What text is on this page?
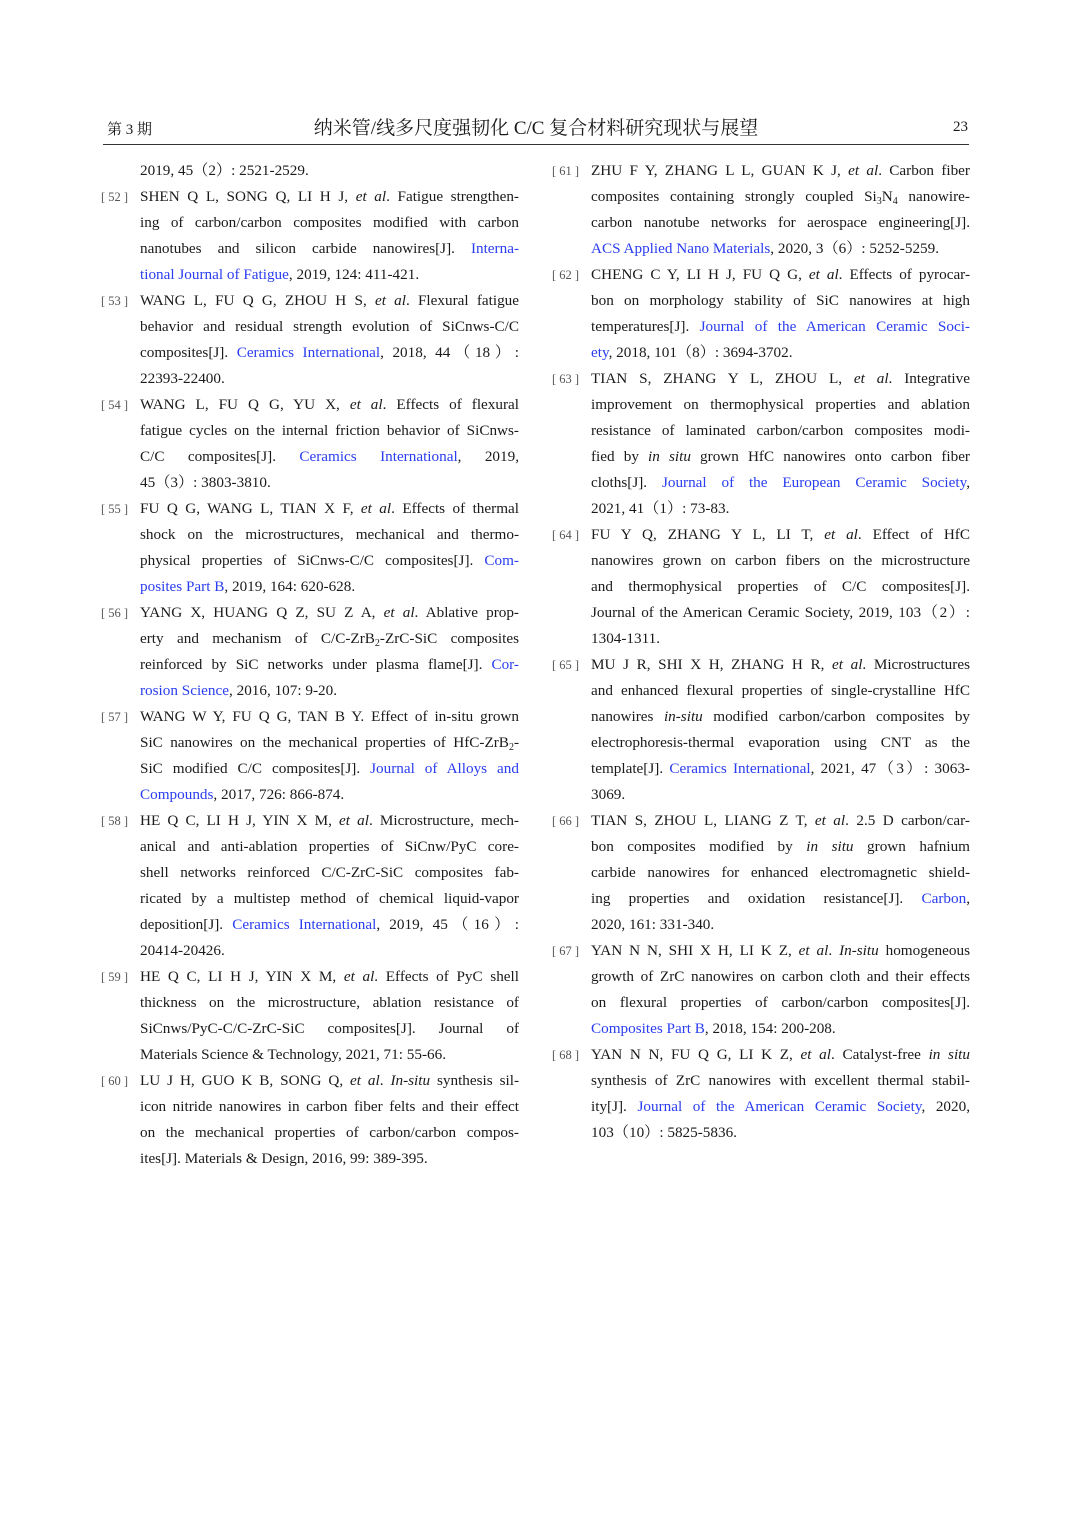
第 3 期	纳米管/线多尺度强韧化 C/C 复合材料研究现状与展望	23
2019, 45（2）: 2521-2529.
[ 52 ] SHEN Q L, SONG Q, LI H J, et al. Fatigue strengthen-
ing of carbon/carbon composites modified with carbon
nanotubes and silicon carbide nanowires[J]. Interna-
tional Journal of Fatigue, 2019, 124: 411-421.
[ 53 ] WANG L, FU Q G, ZHOU H S, et al. Flexural fatigue
behavior and residual strength evolution of SiCnws-C/C
composites[J]. Ceramics International, 2018, 44（18）:
22393-22400.
[ 54 ] WANG L, FU Q G, YU X, et al. Effects of flexural
fatigue cycles on the internal friction behavior of SiCnws-
C/C composites[J]. Ceramics International, 2019,
45（3）: 3803-3810.
[ 55 ] FU Q G, WANG L, TIAN X F, et al. Effects of thermal
shock on the microstructures, mechanical and thermo-
physical properties of SiCnws-C/C composites[J]. Com-
posites Part B, 2019, 164: 620-628.
[ 56 ] YANG X, HUANG Q Z, SU Z A, et al. Ablative prop-
erty and mechanism of C/C-ZrB$_2$-ZrC-SiC composites
reinforced by SiC networks under plasma flame[J]. Cor-
rosion Science, 2016, 107: 9-20.
[ 57 ] WANG W Y, FU Q G, TAN B Y. Effect of in-situ grown
SiC nanowires on the mechanical properties of HfC-ZrB$_2$-
SiC modified C/C composites[J]. Journal of Alloys and
Compounds, 2017, 726: 866-874.
[ 58 ] HE Q C, LI H J, YIN X M, et al. Microstructure, mech-
anical and anti-ablation properties of SiCnw/PyC core-
shell networks reinforced C/C-ZrC-SiC composites fab-
ricated by a multistep method of chemical liquid-vapor
deposition[J]. Ceramics International, 2019, 45（16）:
20414-20426.
[ 59 ] HE Q C, LI H J, YIN X M, et al. Effects of PyC shell
thickness on the microstructure, ablation resistance of
SiCnws/PyC-C/C-ZrC-SiC composites[J]. Journal of
Materials Science & Technology, 2021, 71: 55-66.
[ 60 ] LU J H, GUO K B, SONG Q, et al. In-situ synthesis sil-
icon nitride nanowires in carbon fiber felts and their effect
on the mechanical properties of carbon/carbon compos-
ites[J]. Materials & Design, 2016, 99: 389-395.
[ 61 ] ZHU F Y, ZHANG L L, GUAN K J, et al. Carbon fiber
composites containing strongly coupled $Si_3N_4$ nanowire-
carbon nanotube networks for aerospace engineering[J].
ACS Applied Nano Materials, 2020, 3（6）: 5252-5259.
[ 62 ] CHENG C Y, LI H J, FU Q G, et al. Effects of pyrocar-
bon on morphology stability of SiC nanowires at high
temperatures[J]. Journal of the American Ceramic Soci-
ety, 2018, 101（8）: 3694-3702.
[ 63 ] TIAN S, ZHANG Y L, ZHOU L, et al. Integrative
improvement on thermophysical properties and ablation
resistance of laminated carbon/carbon composites modi-
fied by in situ grown HfC nanowires onto carbon fiber
cloths[J]. Journal of the European Ceramic Society,
2021, 41（1）: 73-83.
[ 64 ] FU Y Q, ZHANG Y L, LI T, et al. Effect of HfC
nanowires grown on carbon fibers on the microstructure
and thermophysical properties of C/C composites[J].
Journal of the American Ceramic Society, 2019, 103（2）:
1304-1311.
[ 65 ] MU J R, SHI X H, ZHANG H R, et al. Microstructures
and enhanced flexural properties of single-crystalline HfC
nanowires in-situ modified carbon/carbon composites by
electrophoresis-thermal evaporation using CNT as the
template[J]. Ceramics International, 2021, 47（3）: 3063-
3069.
[ 66 ] TIAN S, ZHOU L, LIANG Z T, et al. 2.5 D carbon/car-
bon composites modified by in situ grown hafnium
carbide nanowires for enhanced electromagnetic shield-
ing properties and oxidation resistance[J]. Carbon,
2020, 161: 331-340.
[ 67 ] YAN N N, SHI X H, LI K Z, et al. In-situ homogeneous
growth of ZrC nanowires on carbon cloth and their effects
on flexural properties of carbon/carbon composites[J].
Composites Part B, 2018, 154: 200-208.
[ 68 ] YAN N N, FU Q G, LI K Z, et al. Catalyst-free in situ
synthesis of ZrC nanowires with excellent thermal stabil-
ity[J]. Journal of the American Ceramic Society, 2020,
103（10）: 5825-5836.
